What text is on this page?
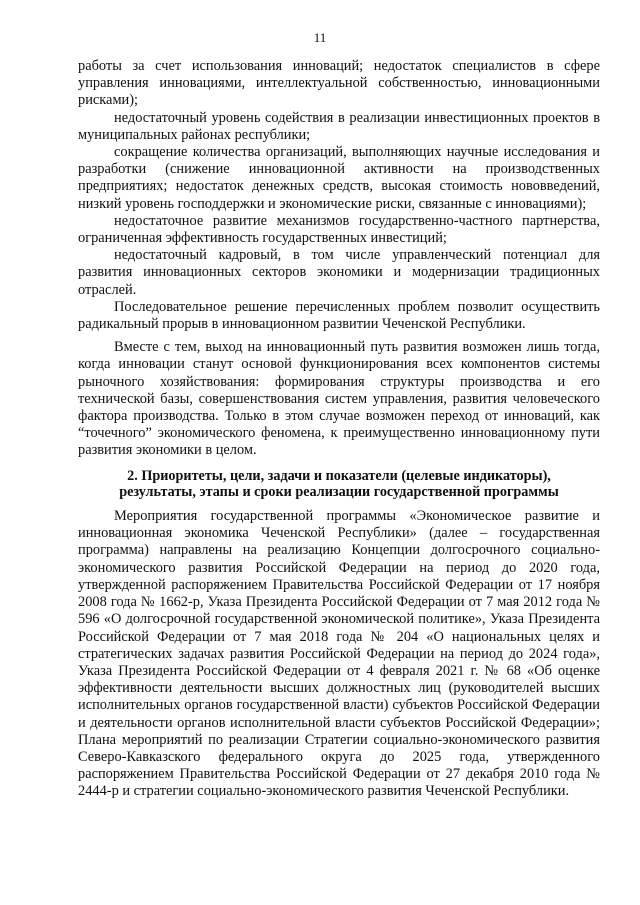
11

работы за счет использования инноваций; недостаток специалистов в сфере управления инновациями, интеллектуальной собственностью, инновационными рисками);

недостаточный уровень содействия в реализации инвестиционных проектов в муниципальных районах республики;

сокращение количества организаций, выполняющих научные исследования и разработки (снижение инновационной активности на производственных предприятиях; недостаток денежных средств, высокая стоимость нововведений, низкий уровень господдержки и экономические риски, связанные с инновациями);

недостаточное развитие механизмов государственно-частного партнерства, ограниченная эффективность государственных инвестиций;

недостаточный кадровый, в том числе управленческий потенциал для развития инновационных секторов экономики и модернизации традиционных отраслей.

Последовательное решение перечисленных проблем позволит осуществить радикальный прорыв в инновационном развитии Чеченской Республики.

Вместе с тем, выход на инновационный путь развития возможен лишь тогда, когда инновации станут основой функционирования всех компонентов системы рыночного хозяйствования: формирования структуры производства и его технической базы, совершенствования систем управления, развития человеческого фактора производства. Только в этом случае возможен переход от инноваций, как “точечного” экономического феномена, к преимущественно инновационному пути развития экономики в целом.

2. Приоритеты, цели, задачи и показатели (целевые индикаторы),
результаты, этапы и сроки реализации государственной программы

Мероприятия государственной программы «Экономическое развитие и инновационная экономика Чеченской Республики» (далее – государственная программа) направлены на реализацию Концепции долгосрочного социально-экономического развития Российской Федерации на период до 2020 года, утвержденной распоряжением Правительства Российской Федерации от 17 ноября 2008 года № 1662-р, Указа Президента Российской Федерации от 7 мая 2012 года № 596 «О долгосрочной государственной экономической политике», Указа Президента Российской Федерации от 7 мая 2018 года № 204 «О национальных целях и стратегических задачах развития Российской Федерации на период до 2024 года», Указа Президента Российской Федерации от 4 февраля 2021 г. № 68 «Об оценке эффективности деятельности высших должностных лиц (руководителей высших исполнительных органов государственной власти) субъектов Российской Федерации и деятельности органов исполнительной власти субъектов Российской Федерации»; Плана мероприятий по реализации Стратегии социально-экономического развития Северо-Кавказского федерального округа до 2025 года, утвержденного распоряжением Правительства Российской Федерации от 27 декабря 2010 года № 2444-р и стратегии социально-экономического развития Чеченской Республики.
